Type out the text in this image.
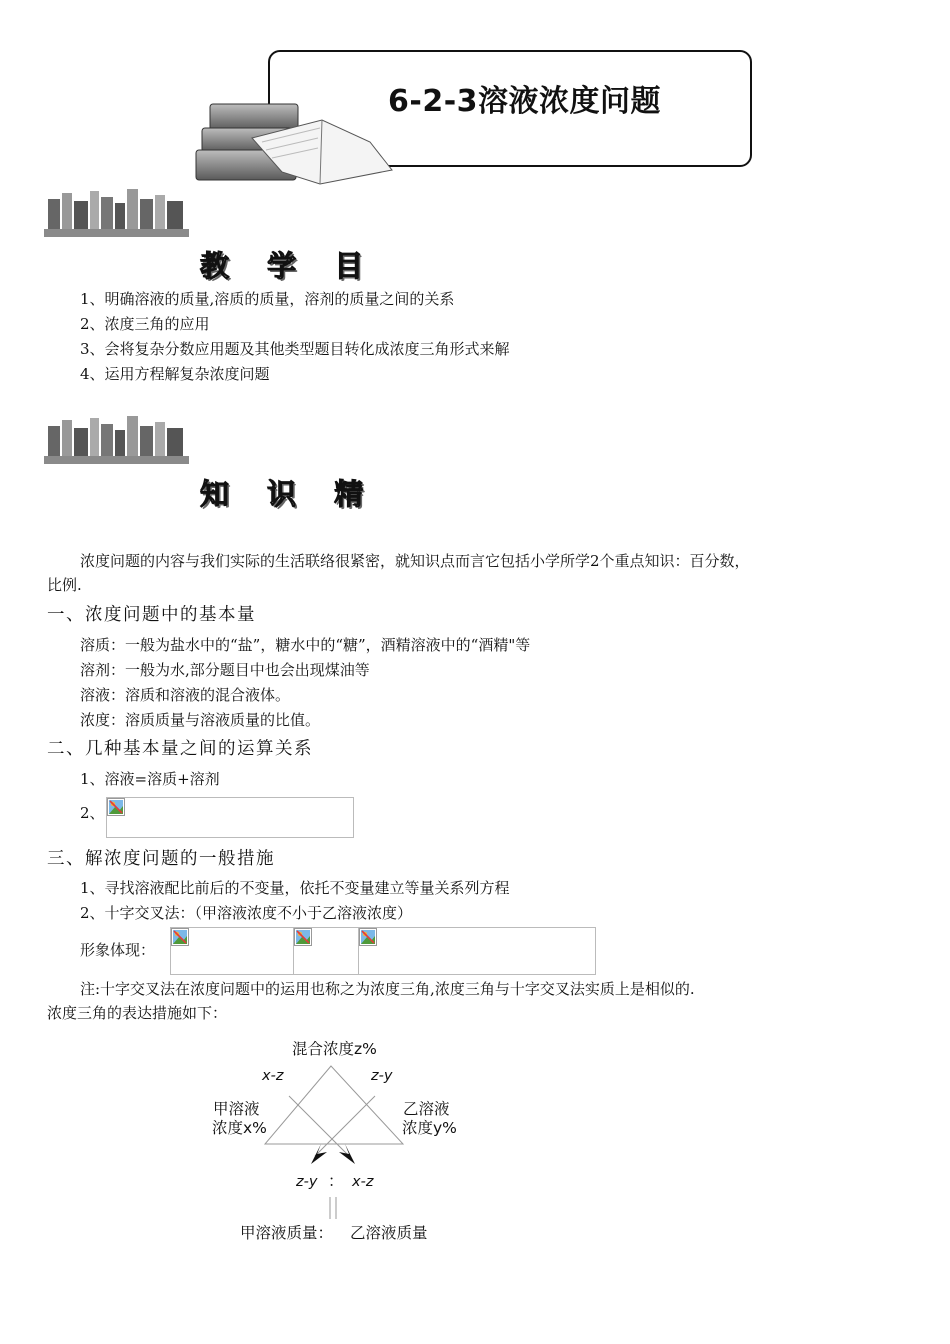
6-2-3溶液浓度问题
教 学 目
1、明确溶液的质量,溶质的质量，溶剂的质量之间的关系
2、浓度三角的应用
3、会将复杂分数应用题及其他类型题目转化成浓度三角形式来解
4、运用方程解复杂浓度问题
知 识 精
浓度问题的内容与我们实际的生活联络很紧密，就知识点而言它包括小学所学2个重点知识：百分数，
比例.
一、浓度问题中的基本量
溶质：一般为盐水中的“盐”，糖水中的“糖”，酒精溶液中的“酒精"等
溶剂：一般为水,部分题目中也会出现煤油等
溶液：溶质和溶液的混合液体。
浓度：溶质质量与溶液质量的比值。
二、几种基本量之间的运算关系
1、溶液=溶质+溶剂
2、
三、解浓度问题的一般措施
1、寻找溶液配比前后的不变量，依托不变量建立等量关系列方程
2、十字交叉法：（甲溶液浓度不小于乙溶液浓度）
形象体现：
注:十字交叉法在浓度问题中的运用也称之为浓度三角,浓度三角与十字交叉法实质上是相似的.
浓度三角的表达措施如下：
混合浓度z%
x-z	z-y
甲溶液
浓度x%
乙溶液
浓度y%
z-y ： x-z
甲溶液质量： 乙溶液质量
